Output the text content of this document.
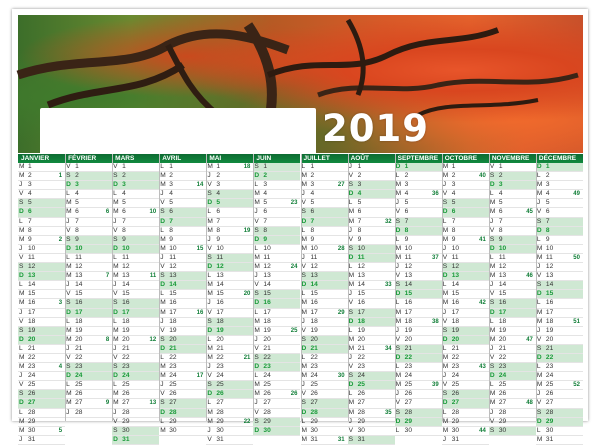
2019
JANVIER
M 1
M 2	1
J 3
V 4
S 5
D 6
L 7
M 8
M 9	2
J 10
V 11
S 12
D 13
L 14
M 15
M 16	3
J 17
V 18
S 19
D 20
L 21
M 22
M 23	4
J 24
V 25
S 26
D 27
L 28
M 29
M 30	5
J 31
FÉVRIER
V 1
S 2
D 3
L 4
M 5
M 6	6
J 7
V 8
S 9
D 10
L 11
M 12
M 13	7
J 14
V 15
S 16
D 17
L 18
M 19
M 20	8
J 21
V 22
S 23
D 24
L 25
M 26
M 27	9
J 28
MARS
V 1
S 2
D 3
L 4
M 5
M 6	10
J 7
V 8
S 9
D 10
L 11
M 12
M 13	11
J 14
V 15
S 16
D 17
L 18
M 19
M 20	12
J 21
V 22
S 23
D 24
L 25
M 26
M 27	13
J 28
V 29
S 30
D 31
AVRIL
L 1
M 2
M 3	14
J 4
V 5
S 6
D 7
L 8
M 9
M 10	15
J 11
V 12
S 13
D 14
L 15
M 16
M 17	16
J 18
V 19
S 20
D 21
L 22
M 23
M 24	17
J 25
V 26
S 27
D 28
L 29
M 30
MAI
M 1	18
J 2
V 3
S 4
D 5
L 6
M 7
M 8	19
J 9
V 10
S 11
D 12
L 13
M 14
M 15	20
J 16
V 17
S 18
D 19
L 20
M 21
M 22	21
J 23
V 24
S 25
D 26
L 27
M 28
M 29	22
J 30
V 31
JUIN
S 1
D 2
L 3
M 4
M 5	23
J 6
V 7
S 8
D 9
L 10
M 11
M 12	24
J 13
V 14
S 15
D 16
L 17
M 18
M 19	25
J 20
V 21
S 22
D 23
L 24
M 25
M 26	26
J 27
V 28
S 29
D 30
JUILLET
L 1
M 2
M 3	27
J 4
V 5
S 6
D 7
L 8
M 9
M 10	28
J 11
V 12
S 13
D 14
L 15
M 16
M 17	29
J 18
V 19
S 20
D 21
L 22
M 23
M 24	30
J 25
V 26
S 27
D 28
L 29
M 30
M 31	31
AOÛT
J 1
V 2
S 3
D 4
L 5
M 6
M 7	32
J 8
V 9
S 10
D 11
L 12
M 13
M 14	33
J 15
V 16
S 17
D 18
L 19
M 20
M 21	34
J 22
V 23
S 24
D 25
L 26
M 27
M 28	35
J 29
V 30
S 31
SEPTEMBRE
D 1
L 2
M 3
M 4	36
J 5
V 6
S 7
D 8
L 9
M 10
M 11	37
J 12
V 13
S 14
D 15
L 16
M 17
M 18	38
J 19
V 20
S 21
D 22
L 23
M 24
M 25	39
J 26
V 27
S 28
D 29
L 30
OCTOBRE
M 1
M 2	40
J 3
V 4
S 5
D 6
L 7
M 8
M 9	41
J 10
V 11
S 12
D 13
L 14
M 15
M 16	42
J 17
V 18
S 19
D 20
L 21
M 22
M 23	43
J 24
V 25
S 26
D 27
L 28
M 29
M 30	44
J 31
NOVEMBRE
V 1
S 2
D 3
L 4
M 5
M 6	45
J 7
V 8
S 9
D 10
L 11
M 12
M 13	46
J 14
V 15
S 16
D 17
L 18
M 19
M 20	47
J 21
V 22
S 23
D 24
L 25
M 26
M 27	48
J 28
V 29
S 30
DÉCEMBRE
D 1
L 2
M 3
M 4	49
J 5
V 6
S 7
D 8
L 9
M 10
M 11	50
J 12
V 13
S 14
D 15
L 16
M 17
M 18	51
J 19
V 20
S 21
D 22
L 23
M 24
M 25	52
J 26
V 27
S 28
D 29
L 30
M 31
